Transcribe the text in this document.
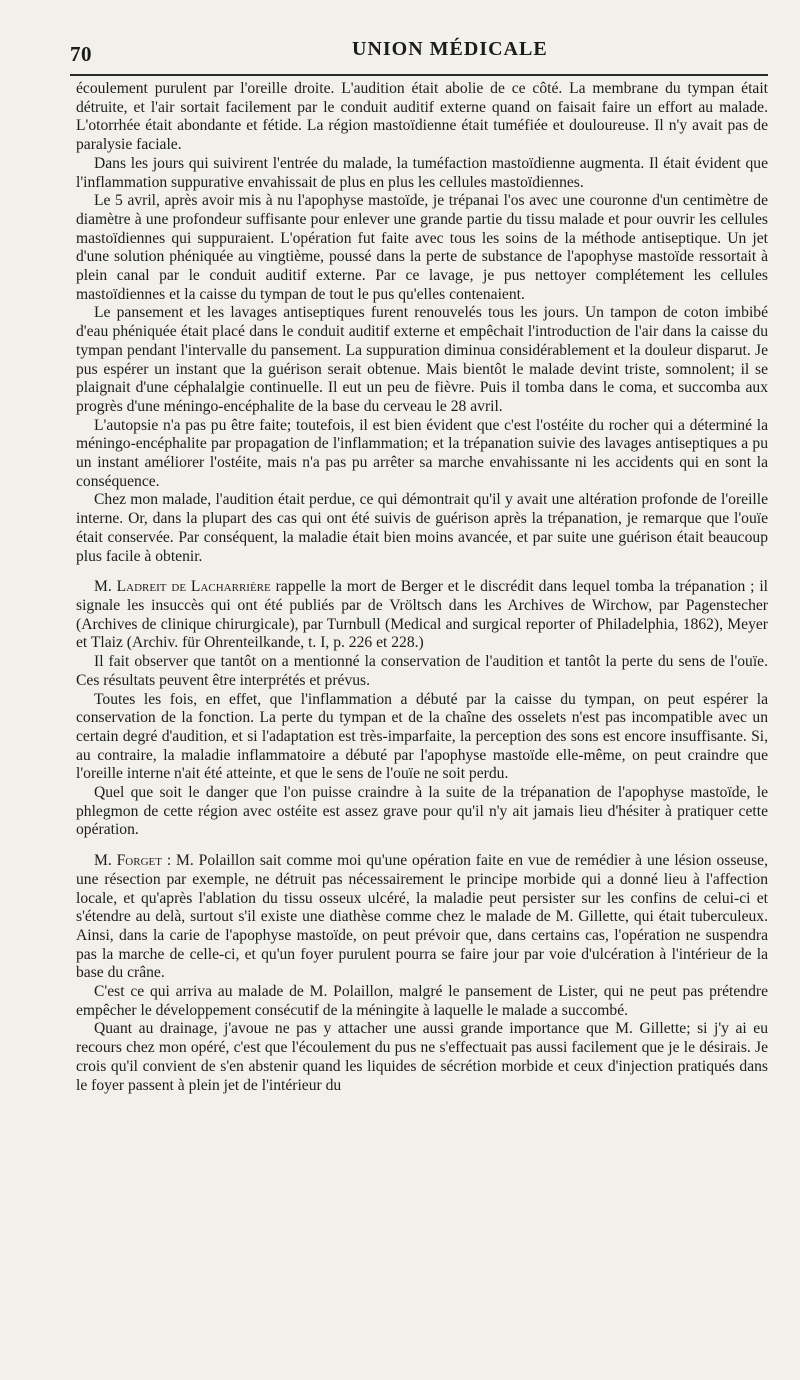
70	UNION MÉDICALE

écoulement purulent par l'oreille droite. L'audition était abolie de ce côté. La membrane du tympan était détruite, et l'air sortait facilement par le conduit auditif externe quand on faisait faire un effort au malade. L'otorrhée était abondante et fétide. La région mastoïdienne était tuméfiée et douloureuse. Il n'y avait pas de paralysie faciale.

Dans les jours qui suivirent l'entrée du malade, la tuméfaction mastoïdienne augmenta. Il était évident que l'inflammation suppurative envahissait de plus en plus les cellules mastoïdiennes.

Le 5 avril, après avoir mis à nu l'apophyse mastoïde, je trépanai l'os avec une couronne d'un centimètre de diamètre à une profondeur suffisante pour enlever une grande partie du tissu malade et pour ouvrir les cellules mastoïdiennes qui suppuraient. L'opération fut faite avec tous les soins de la méthode antiseptique. Un jet d'une solution phéniquée au vingtième, poussé dans la perte de substance de l'apophyse mastoïde ressortait à plein canal par le conduit auditif externe. Par ce lavage, je pus nettoyer complétement les cellules mastoïdiennes et la caisse du tympan de tout le pus qu'elles contenaient.

Le pansement et les lavages antiseptiques furent renouvelés tous les jours. Un tampon de coton imbibé d'eau phéniquée était placé dans le conduit auditif externe et empêchait l'introduction de l'air dans la caisse du tympan pendant l'intervalle du pansement. La suppuration diminua considérablement et la douleur disparut. Je pus espérer un instant que la guérison serait obtenue. Mais bientôt le malade devint triste, somnolent; il se plaignait d'une céphalalgie continuelle. Il eut un peu de fièvre. Puis il tomba dans le coma, et succomba aux progrès d'une méningo-encéphalite de la base du cerveau le 28 avril.

L'autopsie n'a pas pu être faite; toutefois, il est bien évident que c'est l'ostéite du rocher qui a déterminé la méningo-encéphalite par propagation de l'inflammation; et la trépanation suivie des lavages antiseptiques a pu un instant améliorer l'ostéite, mais n'a pas pu arrêter sa marche envahissante ni les accidents qui en sont la conséquence.

Chez mon malade, l'audition était perdue, ce qui démontrait qu'il y avait une altération profonde de l'oreille interne. Or, dans la plupart des cas qui ont été suivis de guérison après la trépanation, je remarque que l'ouïe était conservée. Par conséquent, la maladie était bien moins avancée, et par suite une guérison était beaucoup plus facile à obtenir.

M. Ladreit de Lacharrière rappelle la mort de Berger et le discrédit dans lequel tomba la trépanation ; il signale les insuccès qui ont été publiés par de Vröltsch dans les Archives de Wirchow, par Pagenstecher (Archives de clinique chirurgicale), par Turnbull (Medical and surgical reporter of Philadelphia, 1862), Meyer et Tlaiz (Archiv. für Ohrenteilkande, t. I, p. 226 et 228.)

Il fait observer que tantôt on a mentionné la conservation de l'audition et tantôt la perte du sens de l'ouïe. Ces résultats peuvent être interprétés et prévus.

Toutes les fois, en effet, que l'inflammation a débuté par la caisse du tympan, on peut espérer la conservation de la fonction. La perte du tympan et de la chaîne des osselets n'est pas incompatible avec un certain degré d'audition, et si l'adaptation est très-imparfaite, la perception des sons est encore insuffisante. Si, au contraire, la maladie inflammatoire a débuté par l'apophyse mastoïde elle-même, on peut craindre que l'oreille interne n'ait été atteinte, et que le sens de l'ouïe ne soit perdu.

Quel que soit le danger que l'on puisse craindre à la suite de la trépanation de l'apophyse mastoïde, le phlegmon de cette région avec ostéite est assez grave pour qu'il n'y ait jamais lieu d'hésiter à pratiquer cette opération.

M. Forget : M. Polaillon sait comme moi qu'une opération faite en vue de remédier à une lésion osseuse, une résection par exemple, ne détruit pas nécessairement le principe morbide qui a donné lieu à l'affection locale, et qu'après l'ablation du tissu osseux ulcéré, la maladie peut persister sur les confins de celui-ci et s'étendre au delà, surtout s'il existe une diathèse comme chez le malade de M. Gillette, qui était tuberculeux. Ainsi, dans la carie de l'apophyse mastoïde, on peut prévoir que, dans certains cas, l'opération ne suspendra pas la marche de celle-ci, et qu'un foyer purulent pourra se faire jour par voie d'ulcération à l'intérieur de la base du crâne.

C'est ce qui arriva au malade de M. Polaillon, malgré le pansement de Lister, qui ne peut pas prétendre empêcher le développement consécutif de la méningite à laquelle le malade a succombé.

Quant au drainage, j'avoue ne pas y attacher une aussi grande importance que M. Gillette; si j'y ai eu recours chez mon opéré, c'est que l'écoulement du pus ne s'effectuait pas aussi facilement que je le désirais. Je crois qu'il convient de s'en abstenir quand les liquides de sécrétion morbide et ceux d'injection pratiqués dans le foyer passent à plein jet de l'intérieur du
